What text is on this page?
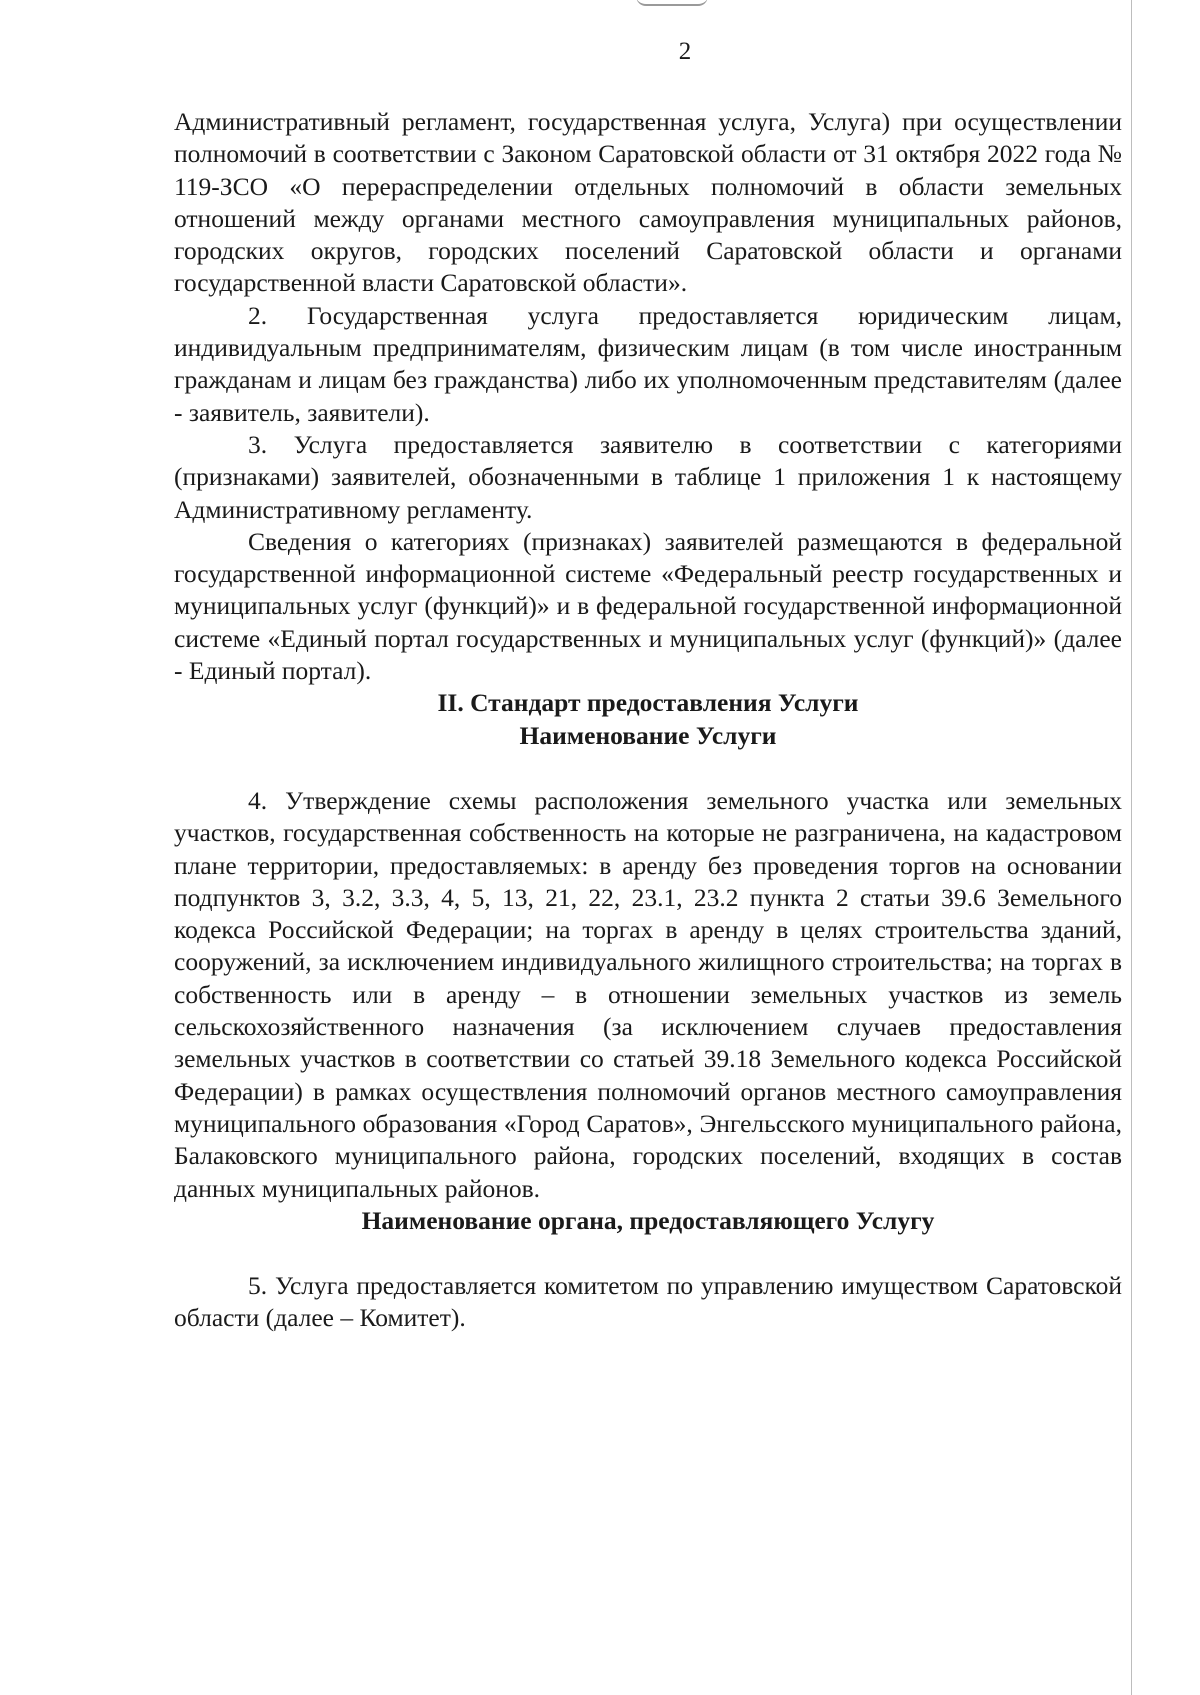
2

Административный регламент, государственная услуга, Услуга) при осуществлении полномочий в соответствии с Законом Саратовской области от 31 октября 2022 года № 119-ЗСО «О перераспределении отдельных полномочий в области земельных отношений между органами местного самоуправления муниципальных районов, городских округов, городских поселений Саратовской области и органами государственной власти Саратовской области».

2. Государственная услуга предоставляется юридическим лицам, индивидуальным предпринимателям, физическим лицам (в том числе иностранным гражданам и лицам без гражданства) либо их уполномоченным представителям (далее - заявитель, заявители).

3. Услуга предоставляется заявителю в соответствии с категориями (признаками) заявителей, обозначенными в таблице 1 приложения 1 к настоящему Административному регламенту.

Сведения о категориях (признаках) заявителей размещаются в федеральной государственной информационной системе «Федеральный реестр государственных и муниципальных услуг (функций)» и в федеральной государственной информационной системе «Единый портал государственных и муниципальных услуг (функций)» (далее - Единый портал).

II. Стандарт предоставления Услуги

Наименование Услуги

4. Утверждение схемы расположения земельного участка или земельных участков, государственная собственность на которые не разграничена, на кадастровом плане территории, предоставляемых: в аренду без проведения торгов на основании подпунктов 3, 3.2, 3.3, 4, 5, 13, 21, 22, 23.1, 23.2 пункта 2 статьи 39.6 Земельного кодекса Российской Федерации; на торгах в аренду в целях строительства зданий, сооружений, за исключением индивидуального жилищного строительства; на торгах в собственность или в аренду – в отношении земельных участков из земель сельскохозяйственного назначения (за исключением случаев предоставления земельных участков в соответствии со статьей 39.18 Земельного кодекса Российской Федерации) в рамках осуществления полномочий органов местного самоуправления муниципального образования «Город Саратов», Энгельсского муниципального района, Балаковского муниципального района, городских поселений, входящих в состав данных муниципальных районов.

Наименование органа, предоставляющего Услугу

5. Услуга предоставляется комитетом по управлению имуществом Саратовской области (далее – Комитет).
